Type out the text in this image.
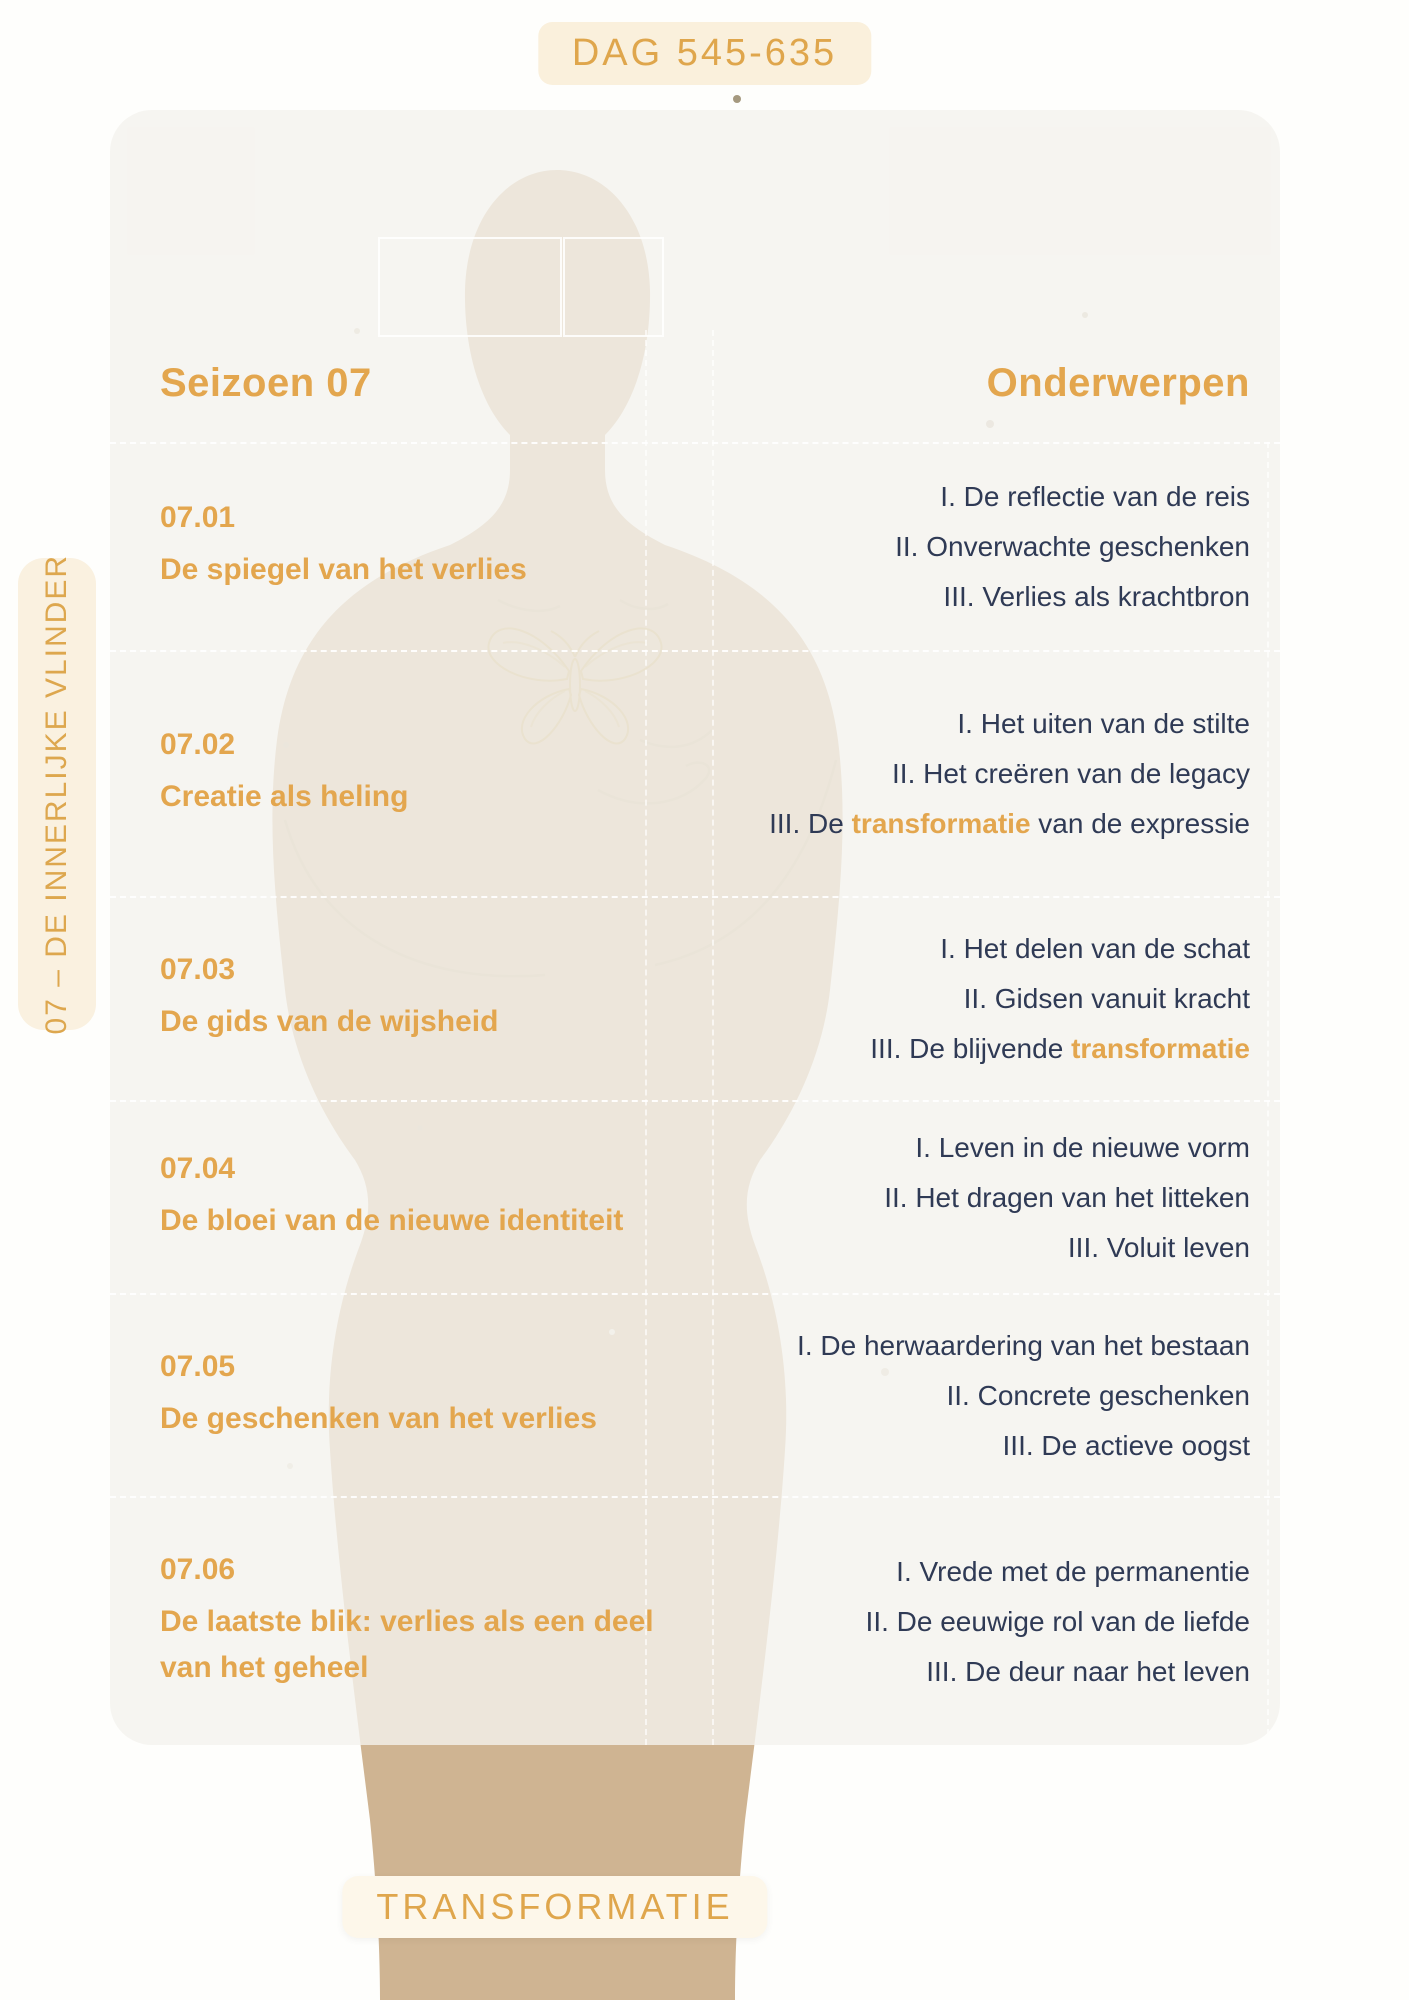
Seizoen 07	Onderwerpen
07.01
De spiegel van het verlies
I. De reflectie van de reis
II. Onverwachte geschenken
III. Verlies als krachtbron
07.02
Creatie als heling
I. Het uiten van de stilte
II. Het creëren van de legacy
III. De transformatie van de expressie
07.03
De gids van de wijsheid
I. Het delen van de schat
II. Gidsen vanuit kracht
III. De blijvende transformatie
07.04
De bloei van de nieuwe identiteit
I. Leven in de nieuwe vorm
II. Het dragen van het litteken
III. Voluit leven
07.05
De geschenken van het verlies
I. De herwaardering van het bestaan
II. Concrete geschenken
III. De actieve oogst
07.06
De laatste blik: verlies als een deel van het geheel
I. Vrede met de permanentie
II. De eeuwige rol van de liefde
III. De deur naar het leven
DAG 545-635
07 – DE INNERLIJKE VLINDER
TRANSFORMATIE
